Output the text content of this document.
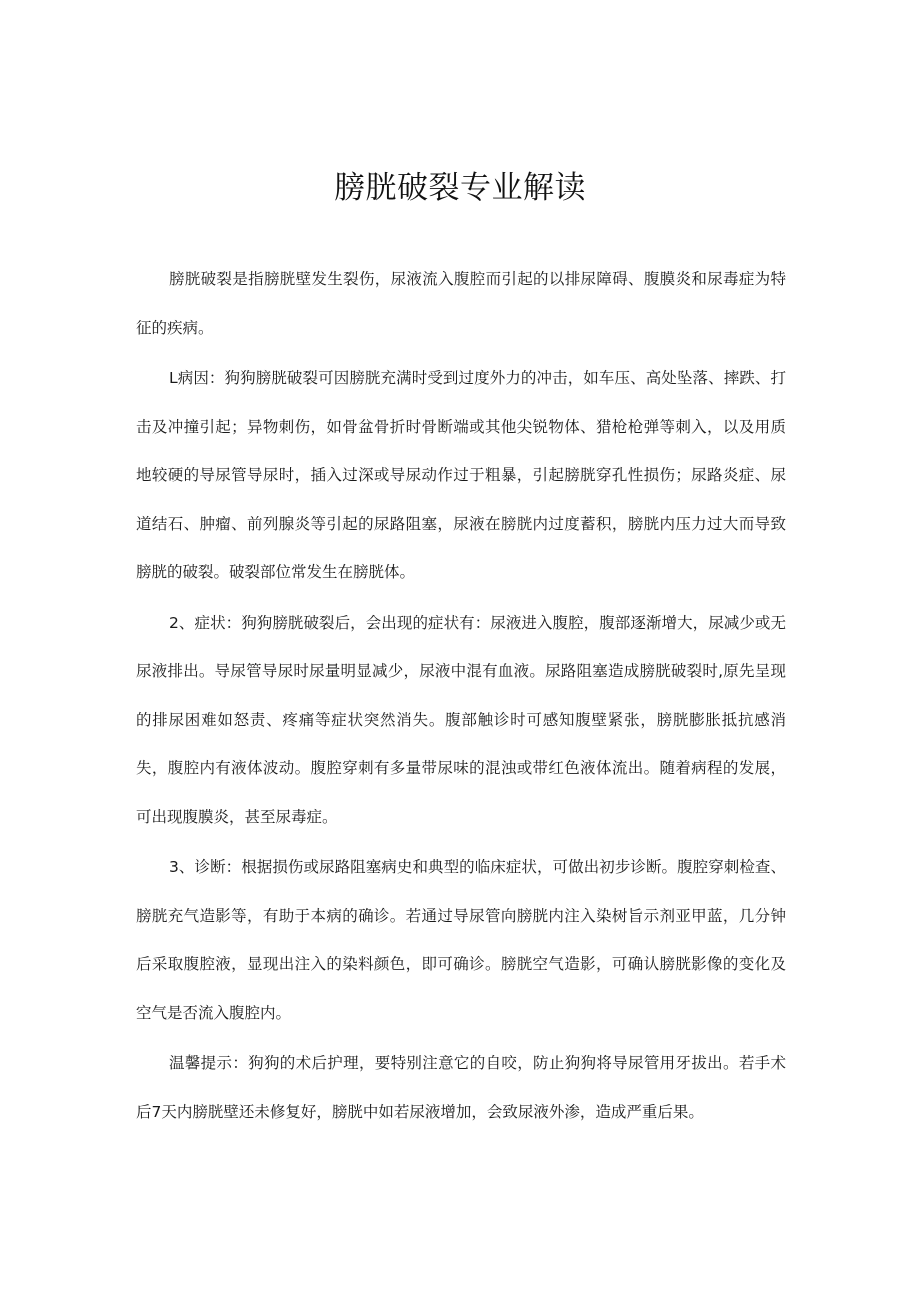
膀胱破裂专业解读

膀胱破裂是指膀胱壁发生裂伤，尿液流入腹腔而引起的以排尿障碍、腹膜炎和尿毒症为特征的疾病。

L病因：狗狗膀胱破裂可因膀胱充满时受到过度外力的冲击，如车压、高处坠落、摔跌、打击及冲撞引起；异物刺伤，如骨盆骨折时骨断端或其他尖锐物体、猎枪枪弹等刺入，以及用质地较硬的导尿管导尿时，插入过深或导尿动作过于粗暴，引起膀胱穿孔性损伤；尿路炎症、尿道结石、肿瘤、前列腺炎等引起的尿路阻塞，尿液在膀胱内过度蓄积，膀胱内压力过大而导致膀胱的破裂。破裂部位常发生在膀胱体。

2、症状：狗狗膀胱破裂后，会出现的症状有：尿液进入腹腔，腹部逐渐增大，尿减少或无尿液排出。导尿管导尿时尿量明显减少，尿液中混有血液。尿路阻塞造成膀胱破裂时,原先呈现的排尿困难如怒责、疼痛等症状突然消失。腹部触诊时可感知腹壁紧张，膀胱膨胀抵抗感消失，腹腔内有液体波动。腹腔穿刺有多量带尿味的混浊或带红色液体流出。随着病程的发展，可出现腹膜炎，甚至尿毒症。

3、诊断：根据损伤或尿路阻塞病史和典型的临床症状，可做出初步诊断。腹腔穿刺检查、膀胱充气造影等，有助于本病的确诊。若通过导尿管向膀胱内注入染树旨示剂亚甲蓝，几分钟后采取腹腔液，显现出注入的染料颜色，即可确诊。膀胱空气造影，可确认膀胱影像的变化及空气是否流入腹腔内。

温馨提示：狗狗的术后护理，要特别注意它的自咬，防止狗狗将导尿管用牙拔出。若手术后7天内膀胱壁还未修复好，膀胱中如若尿液增加，会致尿液外渗，造成严重后果。
